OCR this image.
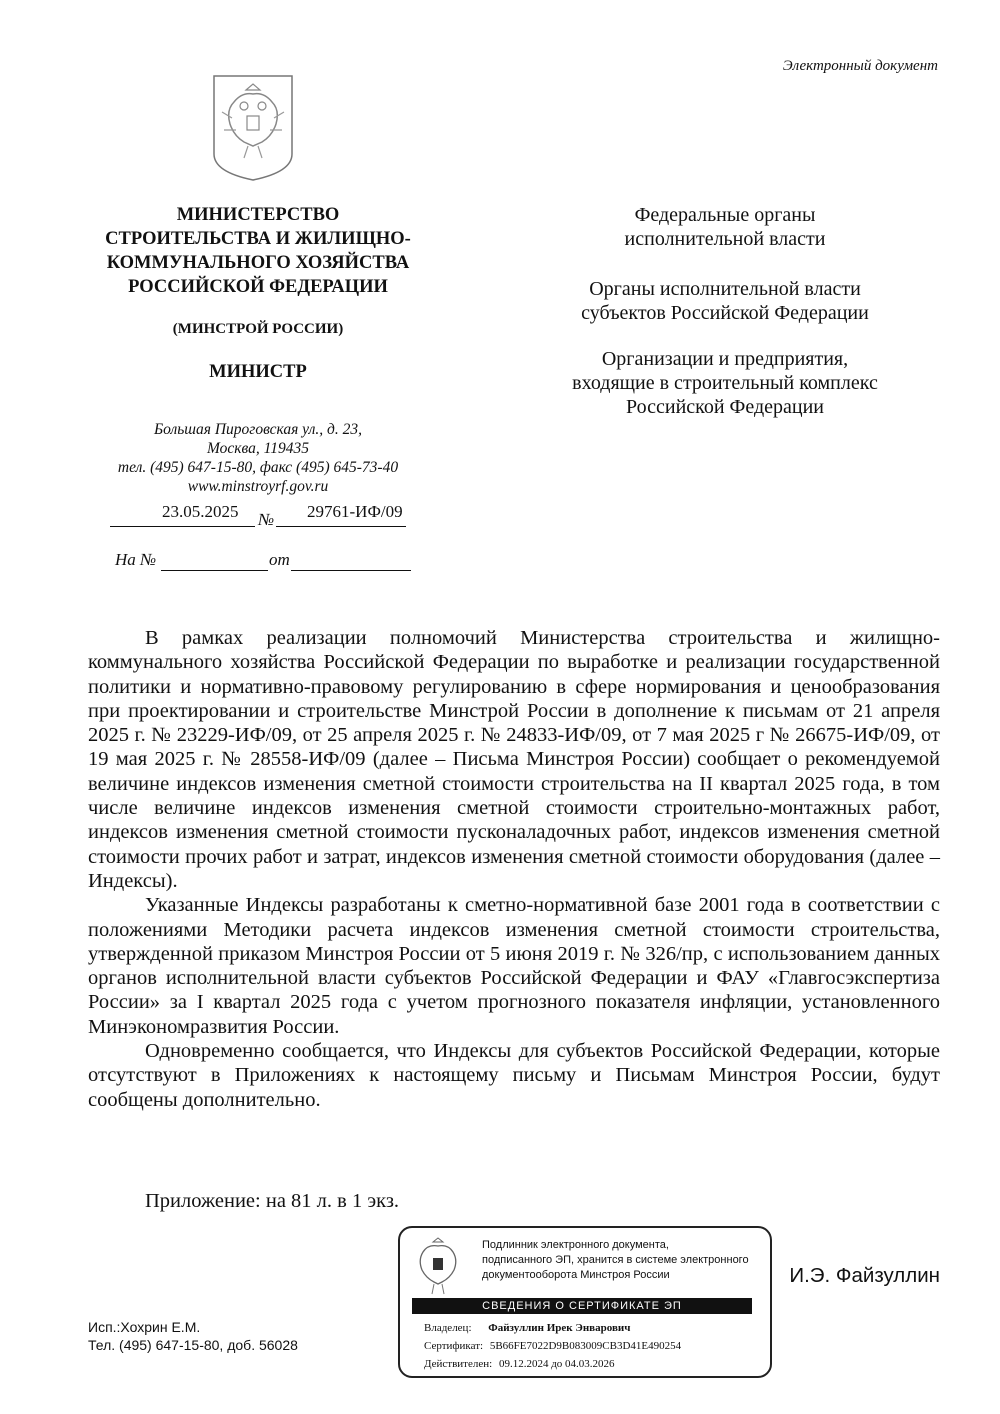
Электронный документ
МИНИСТЕРСТВО
СТРОИТЕЛЬСТВА И ЖИЛИЩНО-
КОММУНАЛЬНОГО ХОЗЯЙСТВА
РОССИЙСКОЙ ФЕДЕРАЦИИ
(МИНСТРОЙ РОССИИ)
МИНИСТР
Большая Пироговская ул., д. 23,
Москва, 119435
тел. (495) 647-15-80, факс (495) 645-73-40
www.minstroyrf.gov.ru
23.05.2025 № 29761-ИФ/09
На №	от
Федеральные органы
исполнительной власти
Органы исполнительной власти
субъектов Российской Федерации
Организации и предприятия,
входящие в строительный комплекс
Российской Федерации

В рамках реализации полномочий Министерства строительства и жилищно-коммунального хозяйства Российской Федерации по выработке и реализации государственной политики и нормативно-правовому регулированию в сфере нормирования и ценообразования при проектировании и строительстве Минстрой России в дополнение к письмам от 21 апреля 2025 г. № 23229-ИФ/09, от 25 апреля 2025 г. № 24833-ИФ/09, от 7 мая 2025 г № 26675-ИФ/09, от 19 мая 2025 г. № 28558-ИФ/09 (далее – Письма Минстроя России) сообщает о рекомендуемой величине индексов изменения сметной стоимости строительства на II квартал 2025 года, в том числе величине индексов изменения сметной стоимости строительно-монтажных работ, индексов изменения сметной стоимости пусконаладочных работ, индексов изменения сметной стоимости прочих работ и затрат, индексов изменения сметной стоимости оборудования (далее – Индексы).

Указанные Индексы разработаны к сметно-нормативной базе 2001 года в соответствии с положениями Методики расчета индексов изменения сметной стоимости строительства, утвержденной приказом Минстроя России от 5 июня 2019 г. № 326/пр, с использованием данных органов исполнительной власти субъектов Российской Федерации и ФАУ «Главгосэкспертиза России» за I квартал 2025 года с учетом прогнозного показателя инфляции, установленного Минэкономразвития России.

Одновременно сообщается, что Индексы для субъектов Российской Федерации, которые отсутствуют в Приложениях к настоящему письму и Письмам Минстроя России, будут сообщены дополнительно.

Приложение: на 81 л. в 1 экз.
Подлинник электронного документа,
подписанного ЭП, хранится в системе электронного
документооборота Минстроя России
СВЕДЕНИЯ О СЕРТИФИКАТЕ ЭП
Владелец: Файзуллин Ирек Энварович
Сертификат: 5B66FE7022D9B083009CB3D41E490254
Действителен: 09.12.2024 до 04.03.2026
И.Э. Файзуллин
Исп.:Хохрин Е.М.
Тел. (495) 647-15-80, доб. 56028
